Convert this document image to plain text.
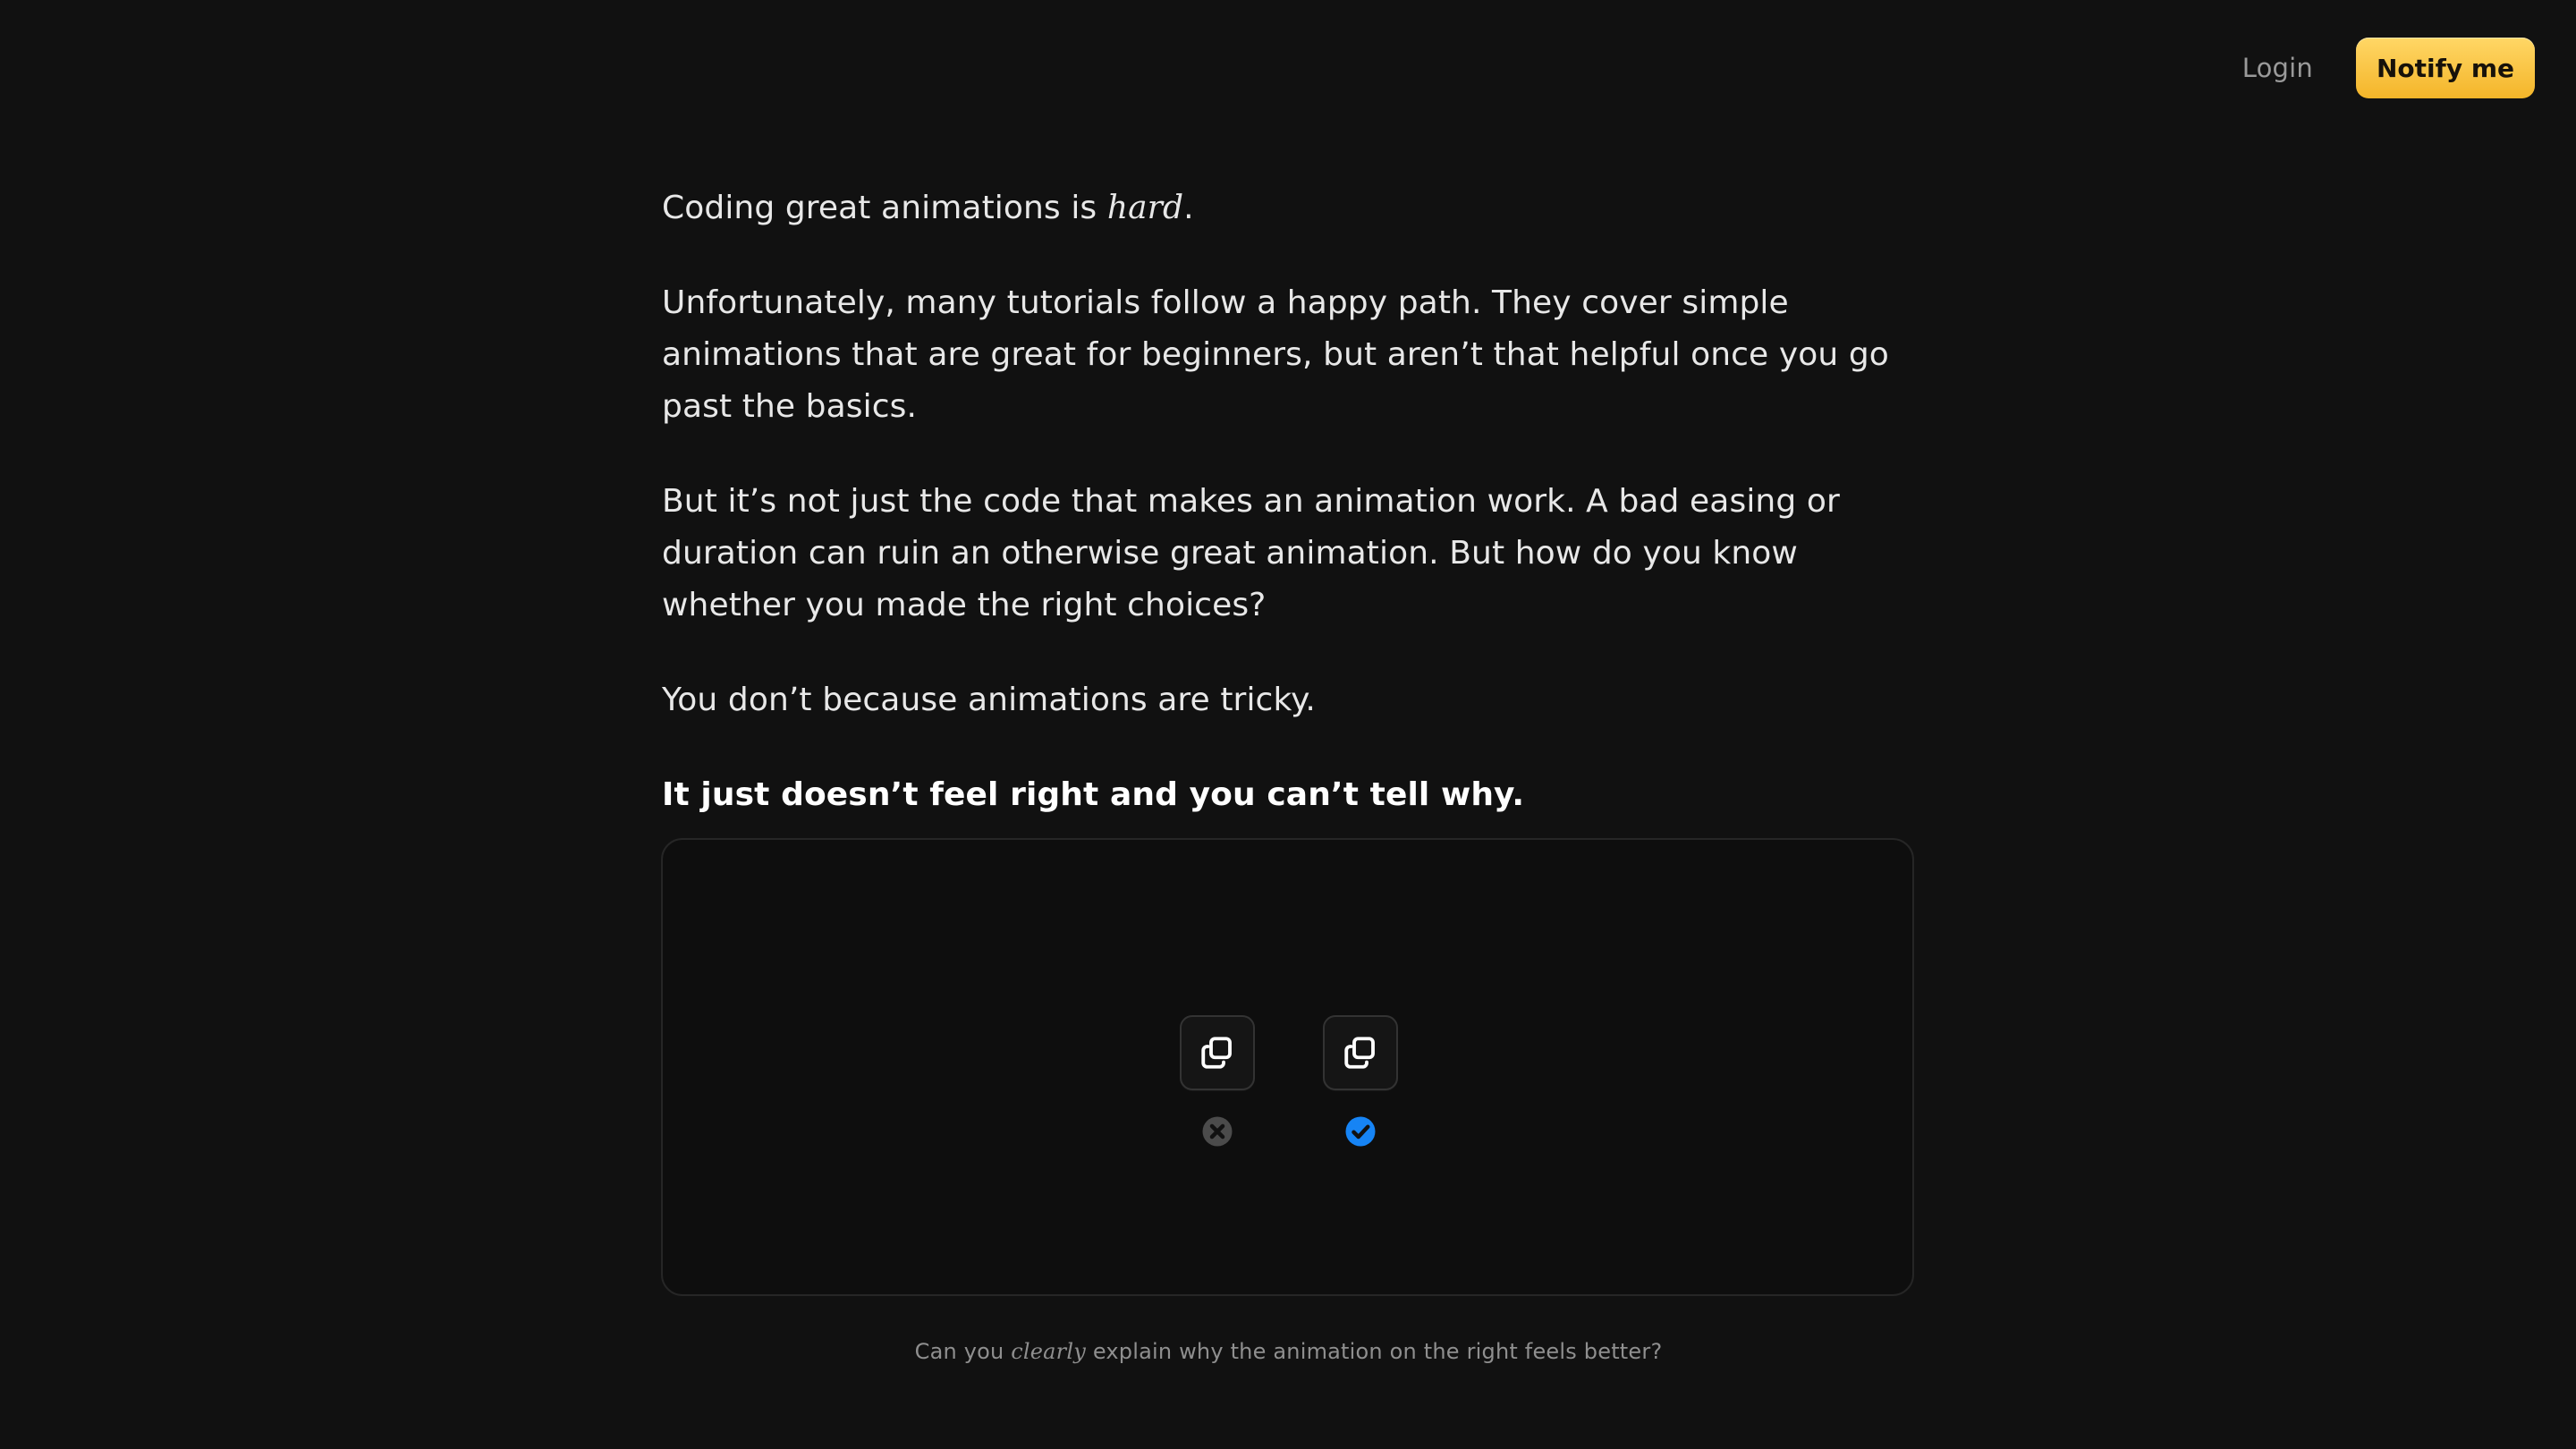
Login	Notify me

Coding great animations is hard.

Unfortunately, many tutorials follow a happy path. They cover simple animations that are great for beginners, but aren’t that helpful once you go past the basics.

But it’s not just the code that makes an animation work. A bad easing or duration can ruin an otherwise great animation. But how do you know whether you made the right choices?

You don’t because animations are tricky.

It just doesn’t feel right and you can’t tell why.

Can you clearly explain why the animation on the right feels better?
